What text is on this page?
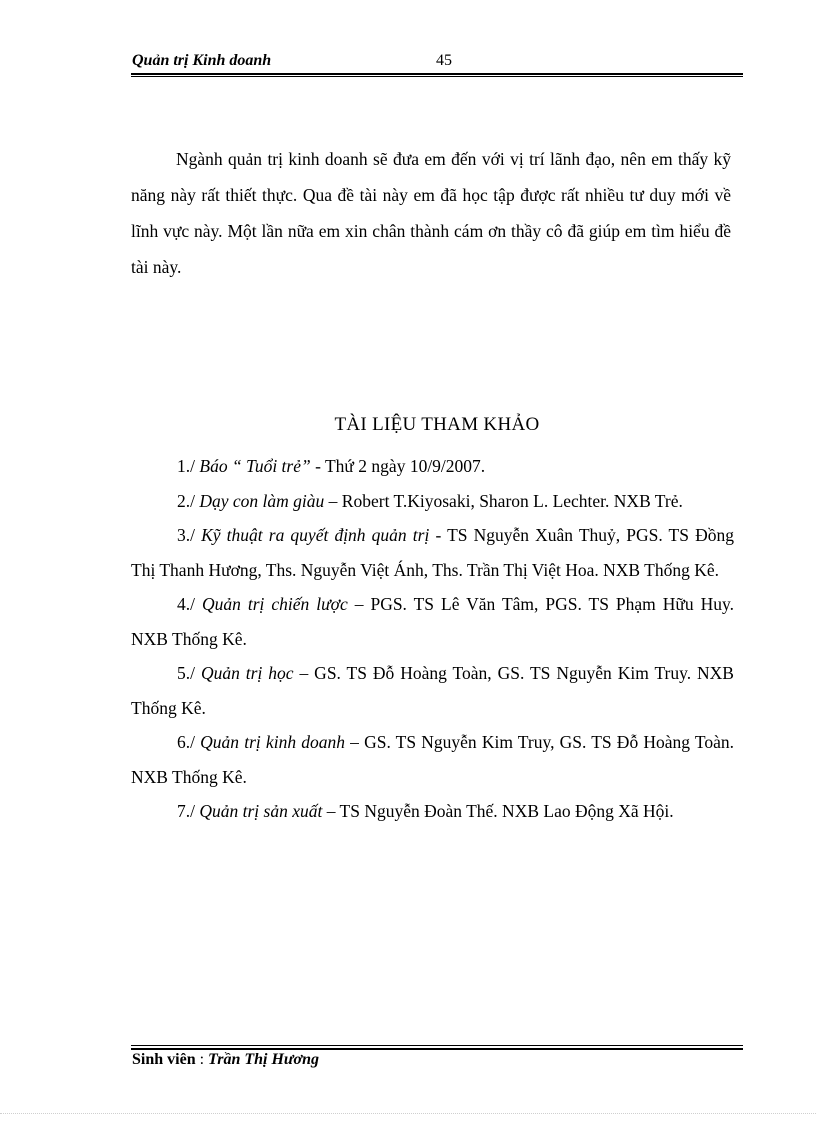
Quản trị Kinh doanh	45

Ngành quản trị kinh doanh sẽ đưa em đến với vị trí lãnh đạo, nên em thấy kỹ năng này rất thiết thực. Qua đề tài này em đã học tập được rất nhiều tư duy mới về lĩnh vực này. Một lần nữa em xin chân thành cám ơn thầy cô đã giúp em tìm hiểu đề tài này.

TÀI LIỆU THAM KHẢO

1./ Báo “ Tuổi trẻ” - Thứ 2 ngày 10/9/2007.

2./ Dạy con làm giàu – Robert T.Kiyosaki, Sharon L. Lechter. NXB Trẻ.

3./ Kỹ thuật ra quyết định quản trị - TS Nguyễn Xuân Thuỷ, PGS. TS Đồng Thị Thanh Hương, Ths. Nguyễn Việt Ánh, Ths. Trần Thị Việt Hoa. NXB Thống Kê.

4./ Quản trị chiến lược – PGS. TS Lê Văn Tâm, PGS. TS Phạm Hữu Huy. NXB Thống Kê.

5./ Quản trị học – GS. TS Đỗ Hoàng Toàn, GS. TS Nguyễn Kim Truy. NXB Thống Kê.

6./ Quản trị kinh doanh – GS. TS Nguyễn Kim Truy, GS. TS Đỗ Hoàng Toàn. NXB Thống Kê.

7./ Quản trị sản xuất – TS Nguyễn Đoàn Thế. NXB Lao Động Xã Hội.

Sinh viên : Trần Thị Hương
